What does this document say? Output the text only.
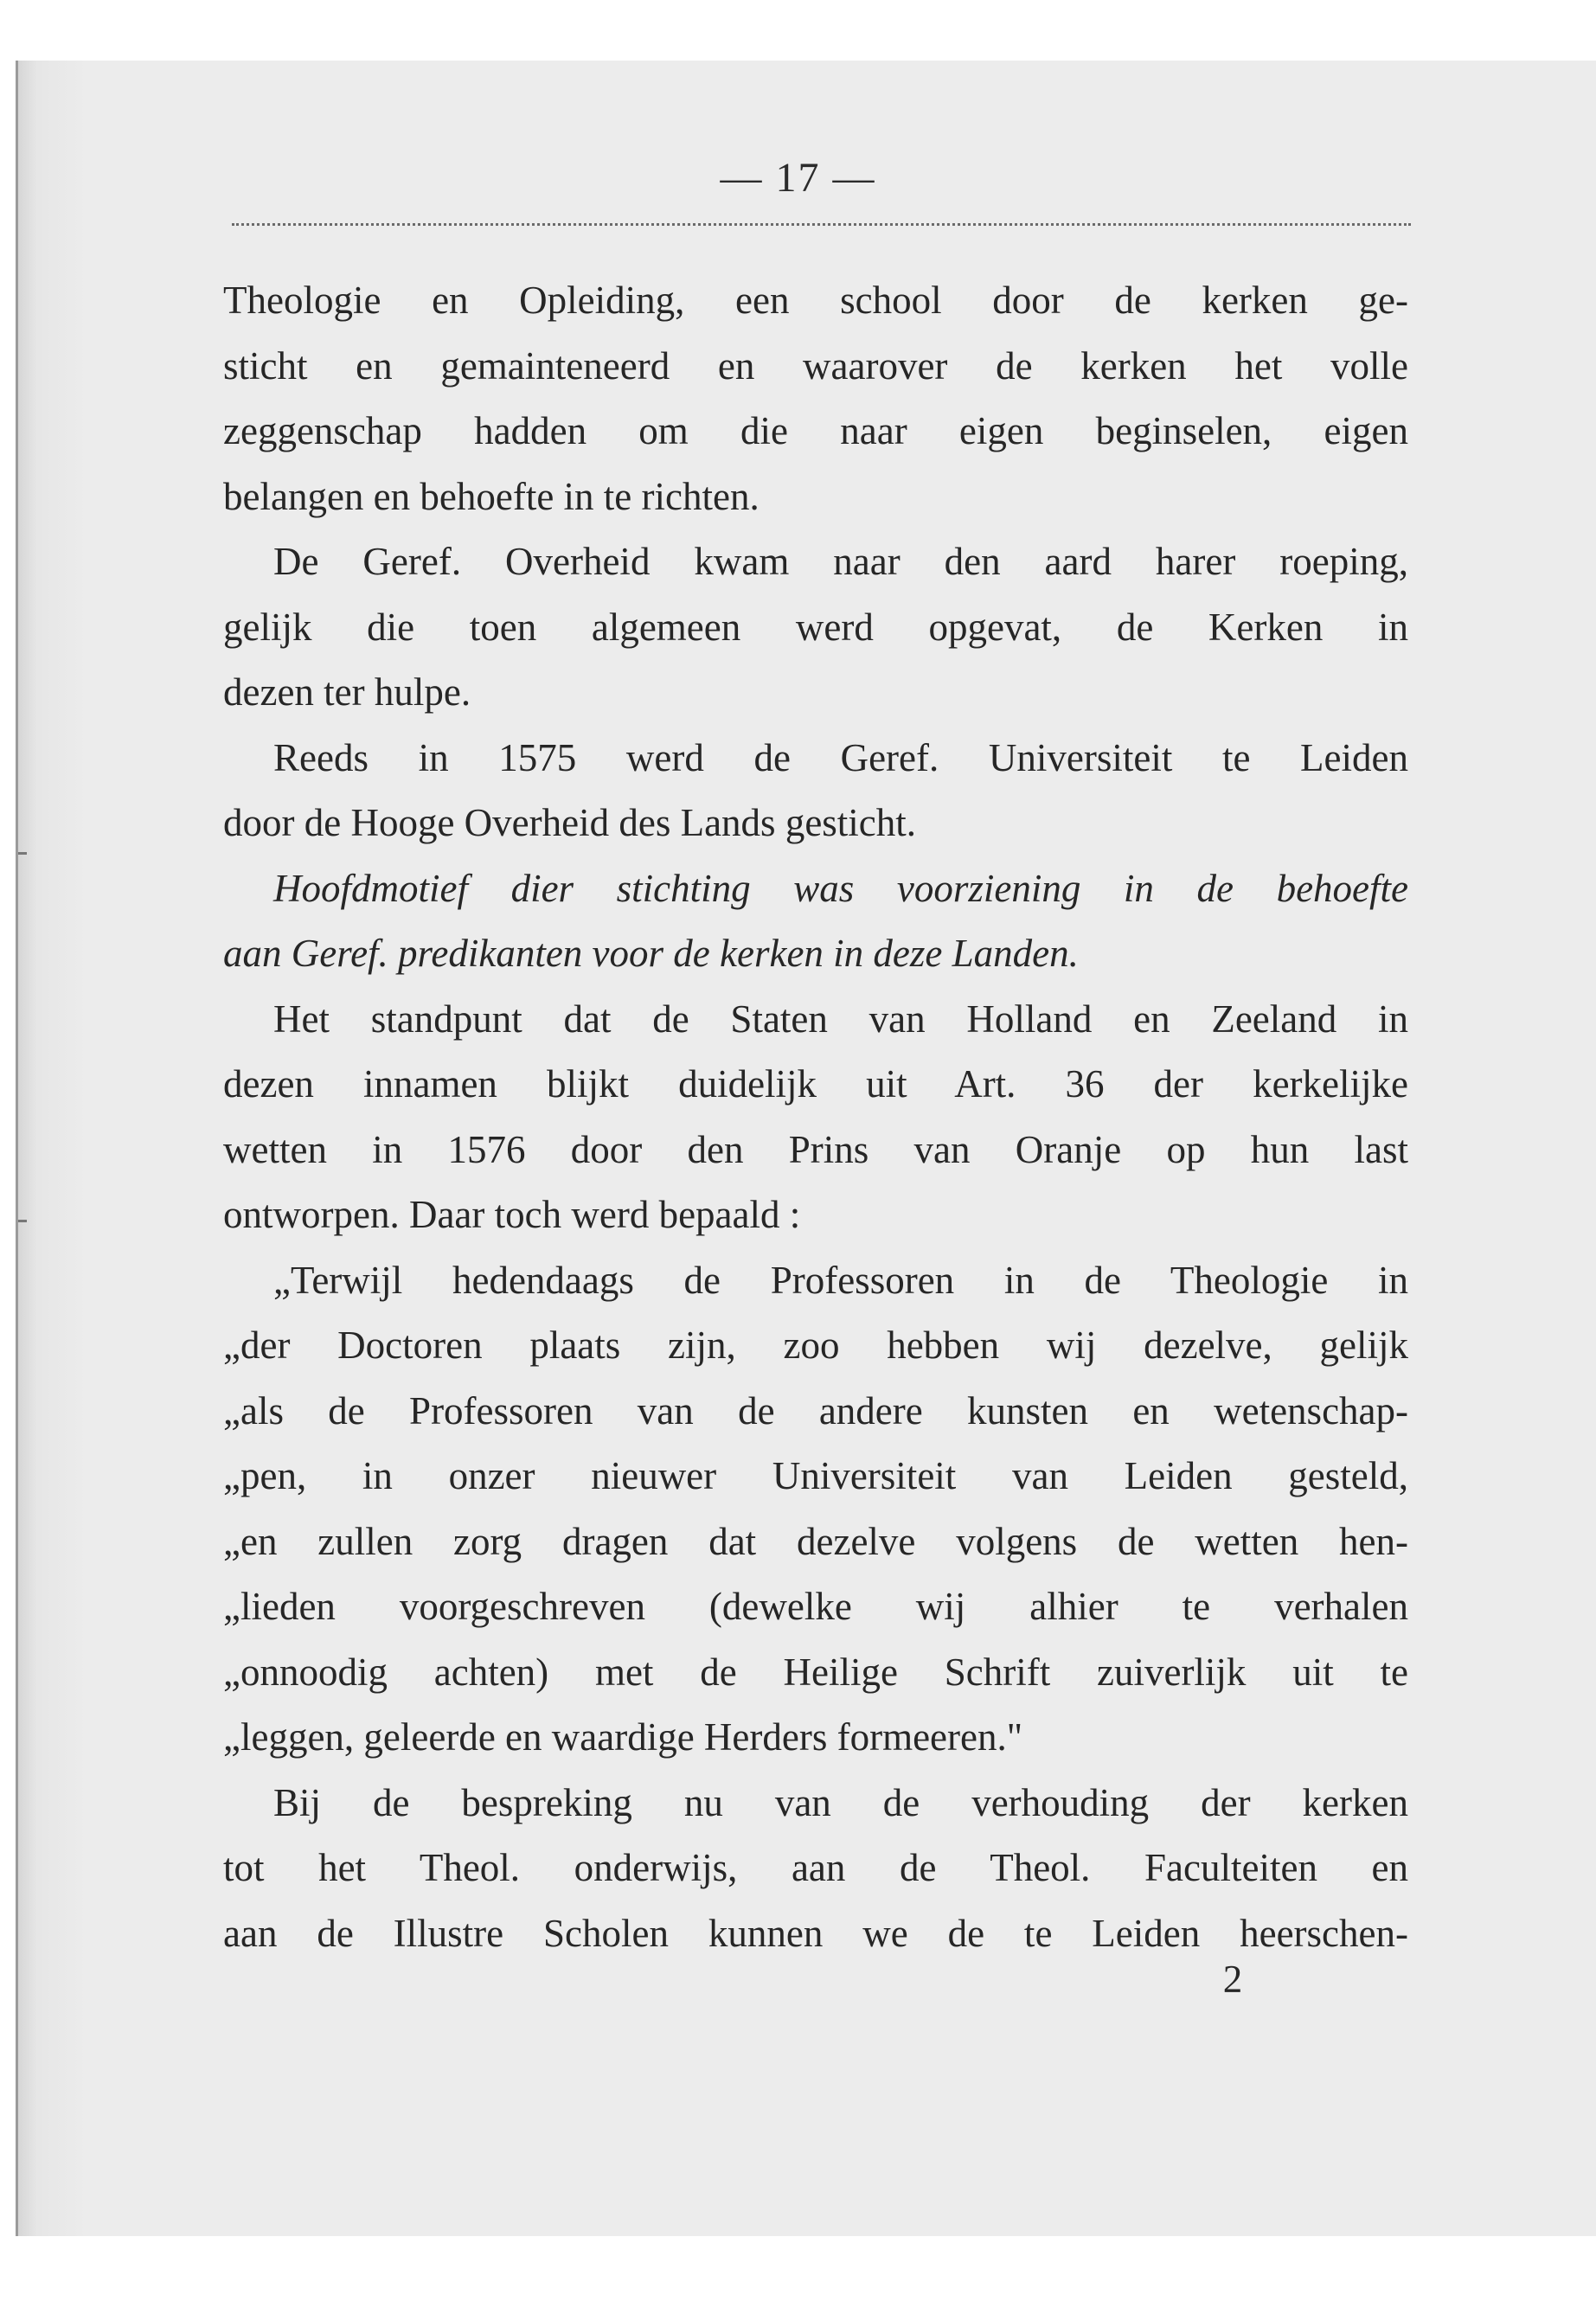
— 17 —
Theologie en Opleiding, een school door de kerken ge-
sticht en gemainteneerd en waarover de kerken het volle
zeggenschap hadden om die naar eigen beginselen, eigen
belangen en behoefte in te richten.
De Geref. Overheid kwam naar den aard harer roeping,
gelijk die toen algemeen werd opgevat, de Kerken in
dezen ter hulpe.
Reeds in 1575 werd de Geref. Universiteit te Leiden
door de Hooge Overheid des Lands gesticht.
Hoofdmotief dier stichting was voorziening in de behoefte
aan Geref. predikanten voor de kerken in deze Landen.
Het standpunt dat de Staten van Holland en Zeeland in
dezen innamen blijkt duidelijk uit Art. 36 der kerkelijke
wetten in 1576 door den Prins van Oranje op hun last
ontworpen. Daar toch werd bepaald :
„Terwijl hedendaags de Professoren in de Theologie in
„der Doctoren plaats zijn, zoo hebben wij dezelve, gelijk
„als de Professoren van de andere kunsten en wetenschap-
„pen, in onzer nieuwer Universiteit van Leiden gesteld,
„en zullen zorg dragen dat dezelve volgens de wetten hen-
„lieden voorgeschreven (dewelke wij alhier te verhalen
„onnoodig achten) met de Heilige Schrift zuiverlijk uit te
„leggen, geleerde en waardige Herders formeeren."
Bij de bespreking nu van de verhouding der kerken
tot het Theol. onderwijs, aan de Theol. Faculteiten en
aan de Illustre Scholen kunnen we de te Leiden heerschen-
2
